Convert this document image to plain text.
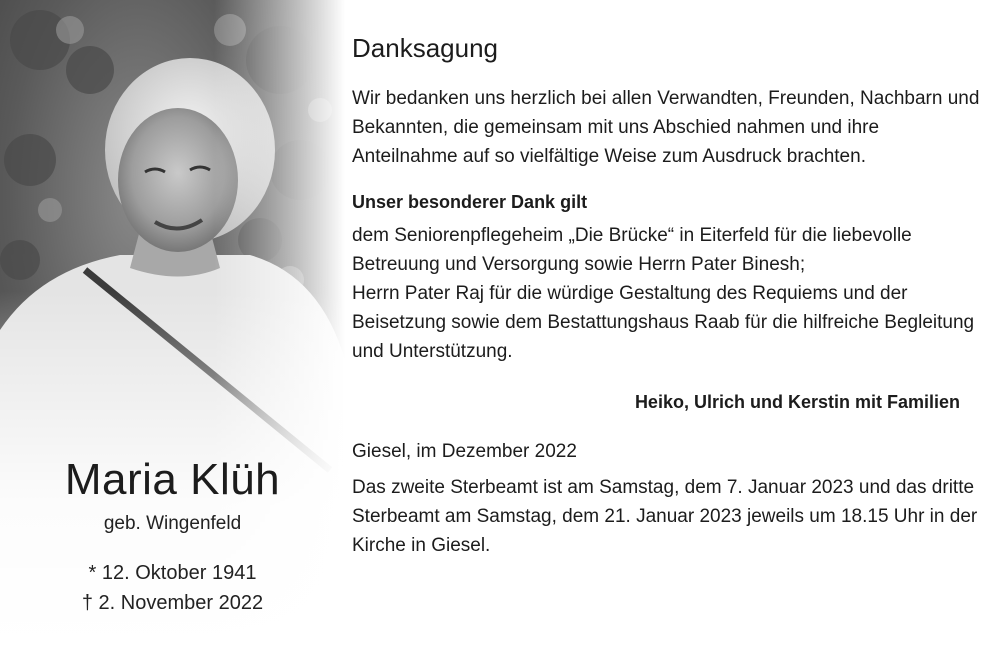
Maria Klüh
geb. Wingenfeld
* 12. Oktober 1941
† 2. November 2022
Danksagung

Wir bedanken uns herzlich bei allen Verwandten, Freunden, Nachbarn und Bekannten, die gemeinsam mit uns Abschied nahmen und ihre Anteilnahme auf so vielfältige Weise zum Ausdruck brachten.

Unser besonderer Dank gilt

dem Seniorenpflegeheim „Die Brücke“ in Eiterfeld für die liebevolle Betreuung und Versorgung sowie Herrn Pater Binesh;

Herrn Pater Raj für die würdige Gestaltung des Requiems und der Beisetzung sowie dem Bestattungshaus Raab für die hilfreiche Begleitung und Unterstützung.

Heiko, Ulrich und Kerstin mit Familien

Giesel, im Dezember 2022

Das zweite Sterbeamt ist am Samstag, dem 7. Januar 2023 und das dritte Sterbeamt am Samstag, dem 21. Januar 2023 jeweils um 18.15 Uhr in der Kirche in Giesel.
